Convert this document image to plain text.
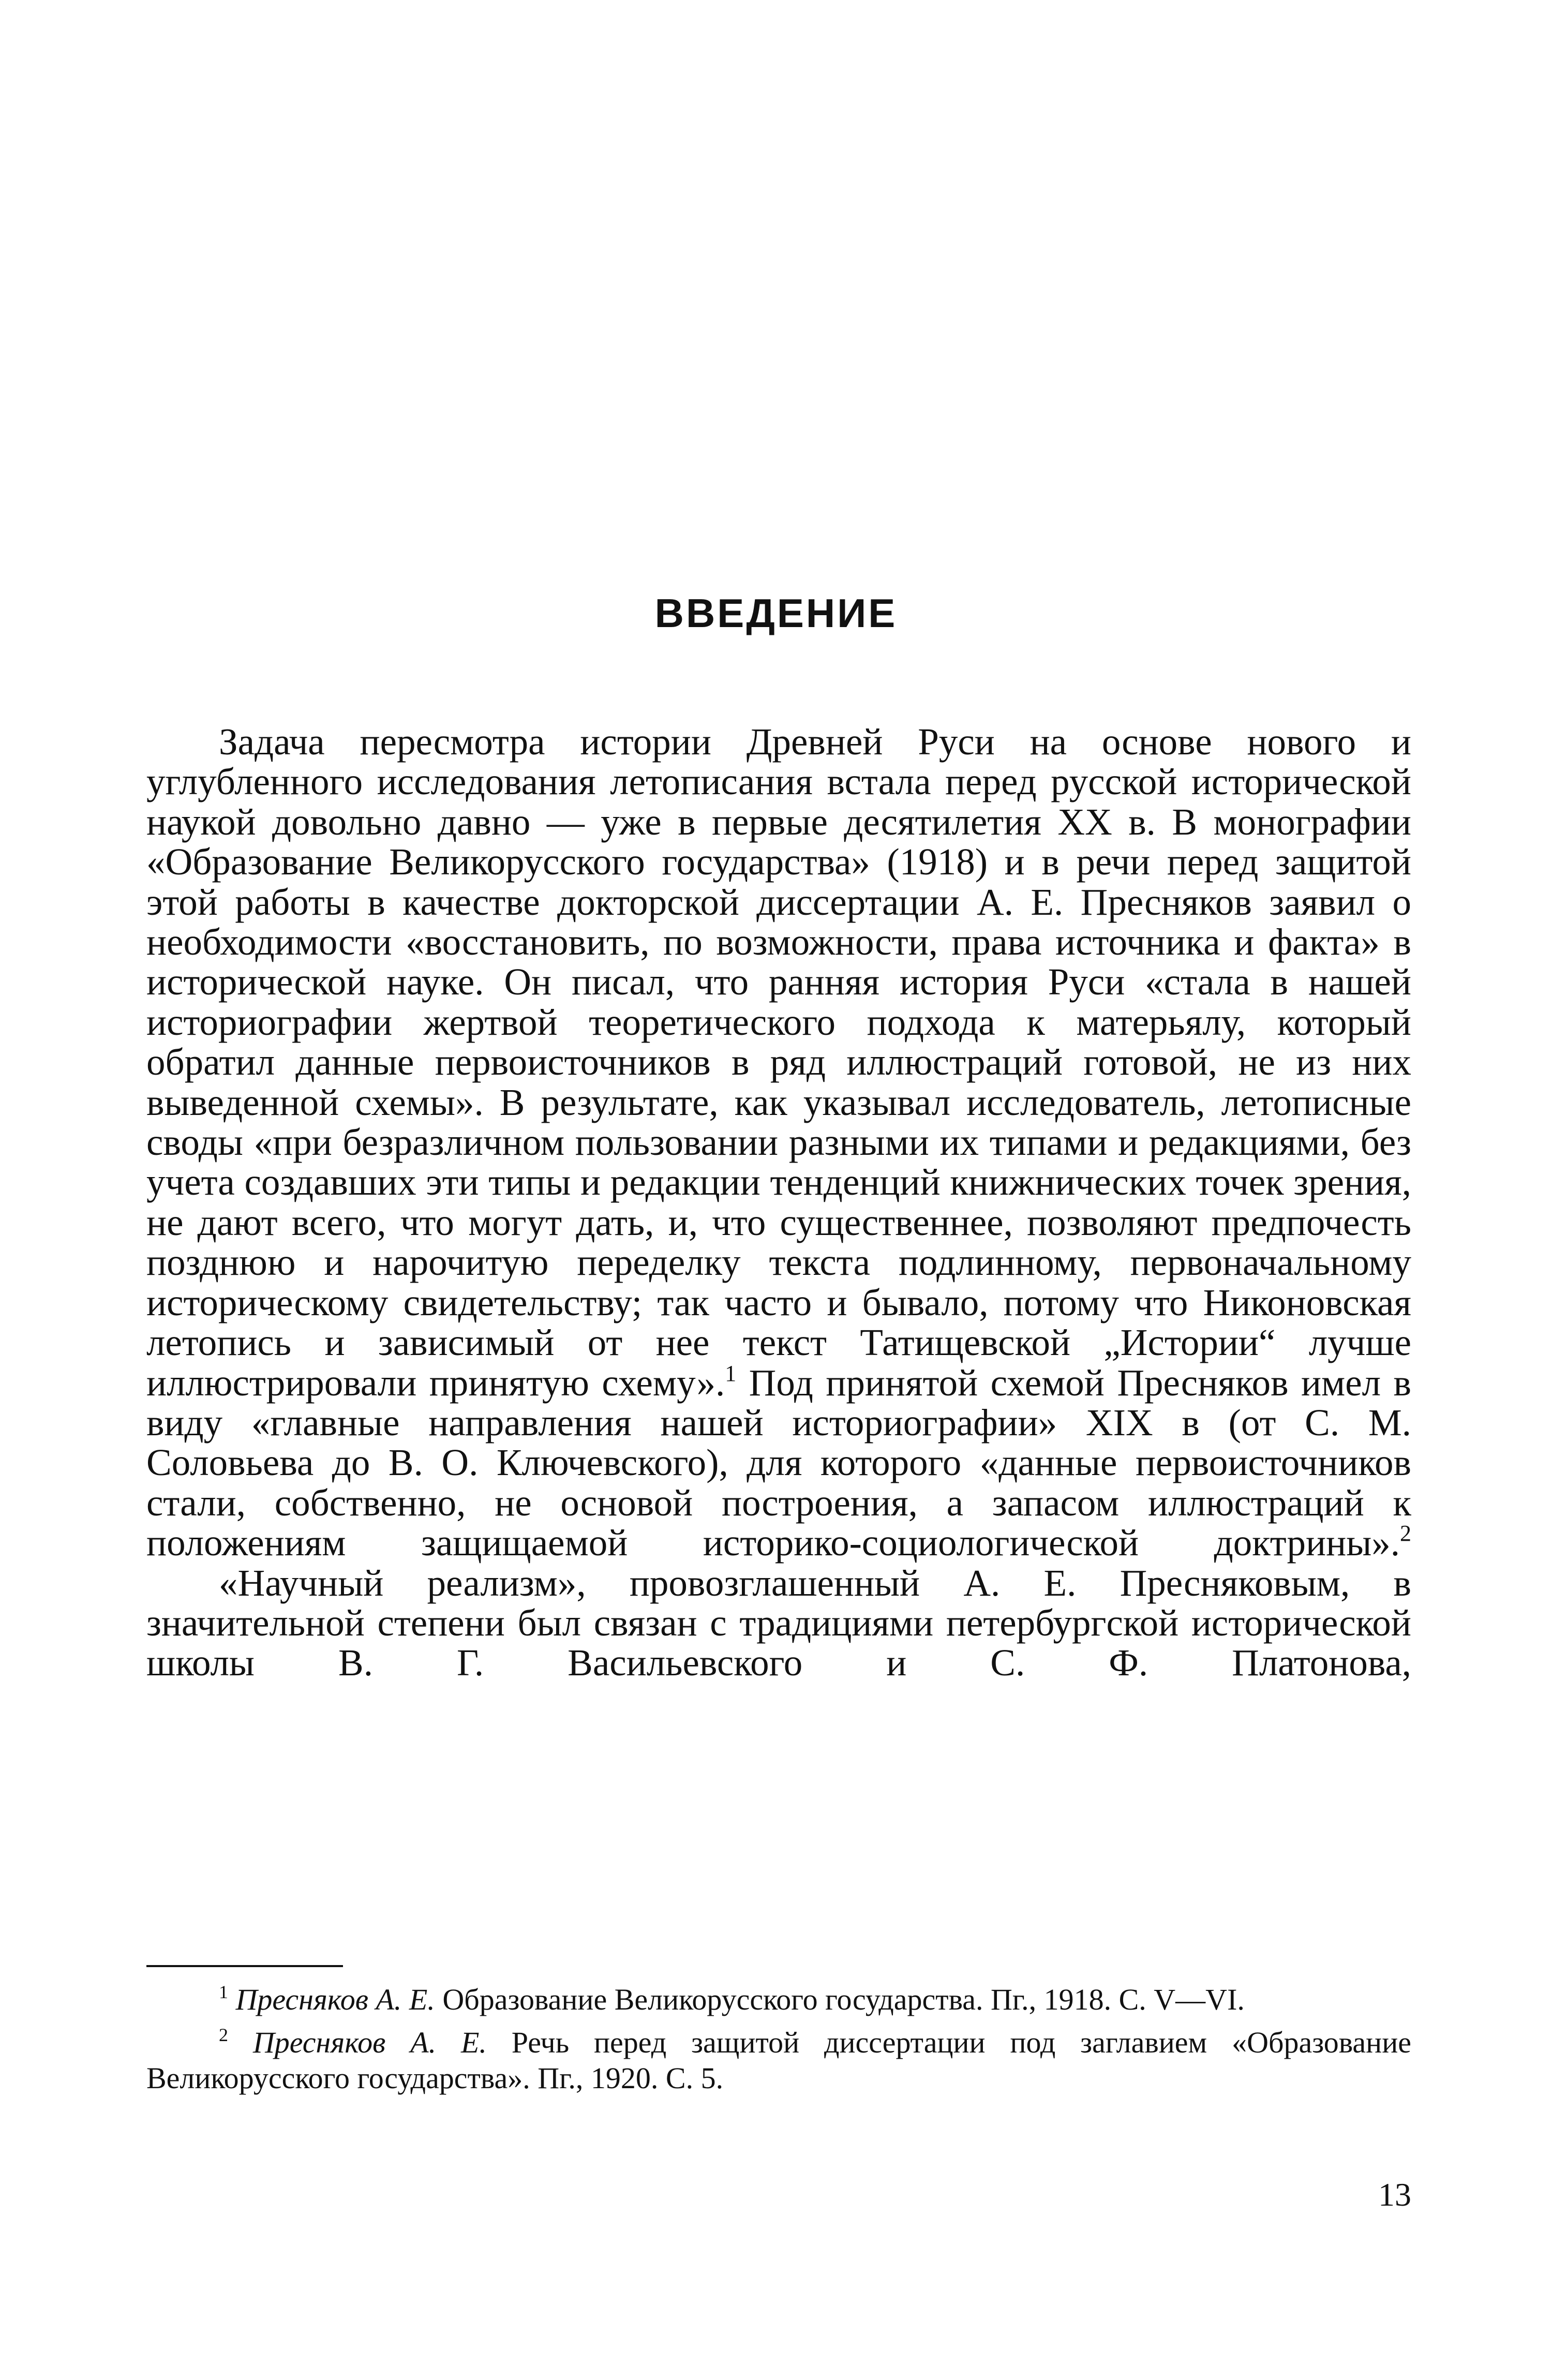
ВВЕДЕНИЕ

Задача пересмотра истории Древней Руси на основе нового и углубленного исследования летописания встала перед русской исторической наукой довольно давно — уже в первые десятилетия XX в. В монографии «Образование Великорусского государства» (1918) и в речи перед защитой этой работы в качестве докторской диссертации А. Е. Пресняков заявил о необходимости «восстановить, по возможности, права источника и факта» в исторической науке. Он писал, что ранняя история Руси «стала в нашей историографии жертвой теоретического подхода к матерьялу, который обратил данные первоисточников в ряд иллюстраций готовой, не из них выведенной схемы». В результате, как указывал исследователь, летописные своды «при безразличном пользовании разными их типами и редакциями, без учета создавших эти типы и редакции тенденций книжнических точек зрения, не дают всего, что могут дать, и, что существеннее, позволяют предпочесть позднюю и нарочитую переделку текста подлинному, первоначальному историческому свидетельству; так часто и бывало, потому что Никоновская летопись и зависимый от нее текст Татищевской „Истории“ лучше иллюстрировали принятую схему».$^1$ Под принятой схемой Пресняков имел в виду «главные направления нашей историографии» XIX в (от С. М. Соловьева до В. О. Ключевского), для которого «данные первоисточников стали, собственно, не основой построения, а запасом иллюстраций к положениям защищаемой историко-социологической доктрины».$^2$

«Научный реализм», провозглашенный А. Е. Пресняковым, в значительной степени был связан с традициями петербургской исторической школы В. Г. Васильевского и С. Ф. Платонова,

$^1$ Пресняков А. Е. Образование Великорусского государства. Пг., 1918. С. V—VI.

$^2$ Пресняков А. Е. Речь перед защитой диссертации под заглавием «Образование Великорусского государства». Пг., 1920. С. 5.

13
